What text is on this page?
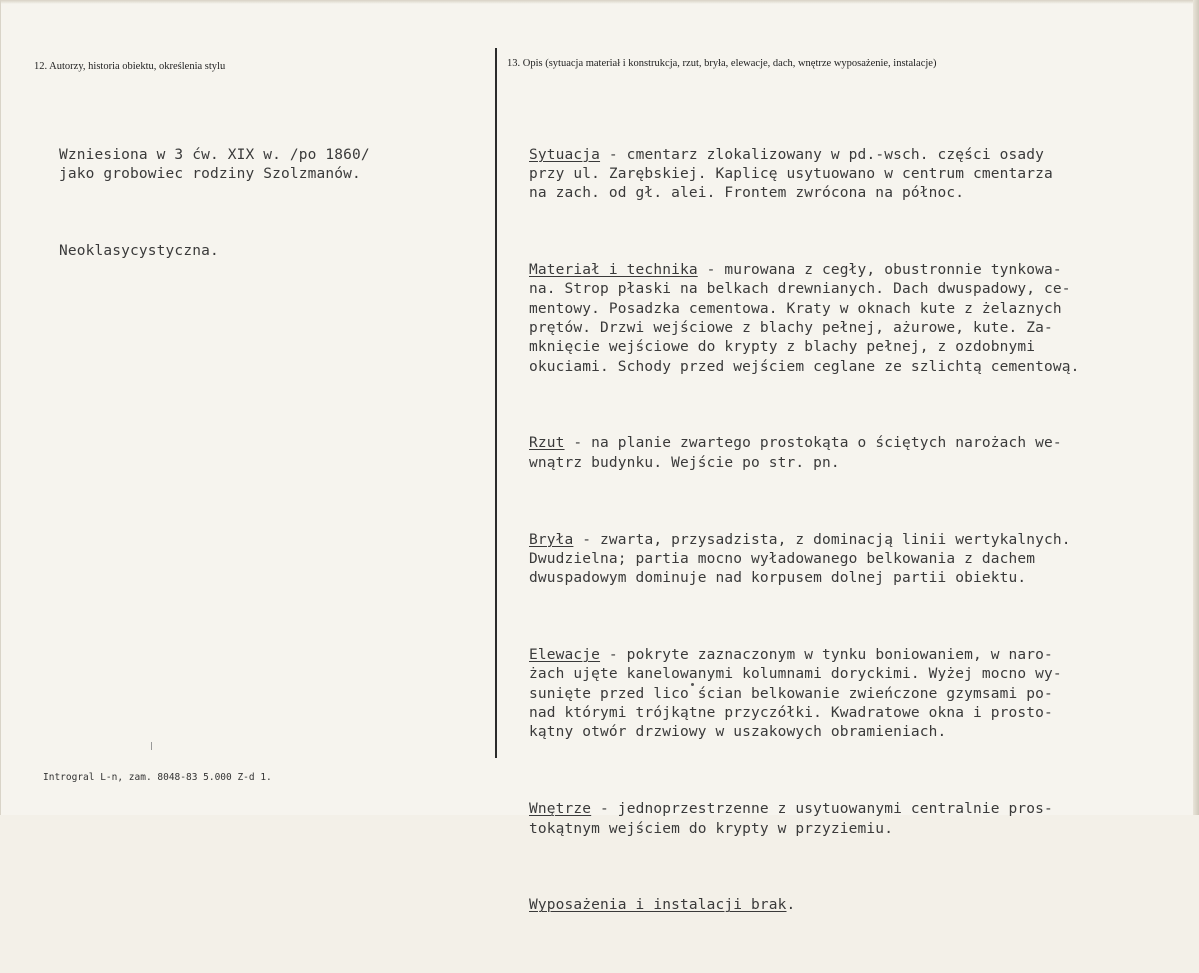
12. Autorzy, historia obiektu, określenia stylu	13. Opis (sytuacja materiał i konstrukcja, rzut, bryła, elewacje, dach, wnętrze wyposażenie, instalacje)

Wzniesiona w 3 ćw. XIX w. /po 1860/
jako grobowiec rodziny Szolzmanów.

Neoklasycystyczna.

Sytuacja - cmentarz zlokalizowany w pd.-wsch. części osady
przy ul. Zarębskiej. Kaplicę usytuowano w centrum cmentarza
na zach. od gł. alei. Frontem zwrócona na północ.

Materiał i technika - murowana z cegły, obustronnie tynkowa-
na. Strop płaski na belkach drewnianych. Dach dwuspadowy, ce-
mentowy. Posadzka cementowa. Kraty w oknach kute z żelaznych
prętów. Drzwi wejściowe z blachy pełnej, ażurowe, kute. Za-
mknięcie wejściowe do krypty z blachy pełnej, z ozdobnymi
okuciami. Schody przed wejściem ceglane ze szlichtą cementową.

Rzut - na planie zwartego prostokąta o ściętych narożach we-
wnątrz budynku. Wejście po str. pn.

Bryła - zwarta, przysadzista, z dominacją linii wertykalnych.
Dwudzielna; partia mocno wyładowanego belkowania z dachem
dwuspadowym dominuje nad korpusem dolnej partii obiektu.

Elewacje - pokryte zaznaczonym w tynku boniowaniem, w naro-
żach ujęte kanelowanymi kolumnami doryckimi. Wyżej mocno wy-
sunięte przed lico ścian belkowanie zwieńczone gzymsami po-
nad którymi trójkątne przyczółki. Kwadratowe okna i prosto-
kątny otwór drzwiowy w uszakowych obramieniach.

Wnętrze - jednoprzestrzenne z usytuowanymi centralnie pros-
tokątnym wejściem do krypty w przyziemiu.

Wyposażenia i instalacji brak.

Introgral L-n, zam. 8048-83 5.000 Z-d 1.
